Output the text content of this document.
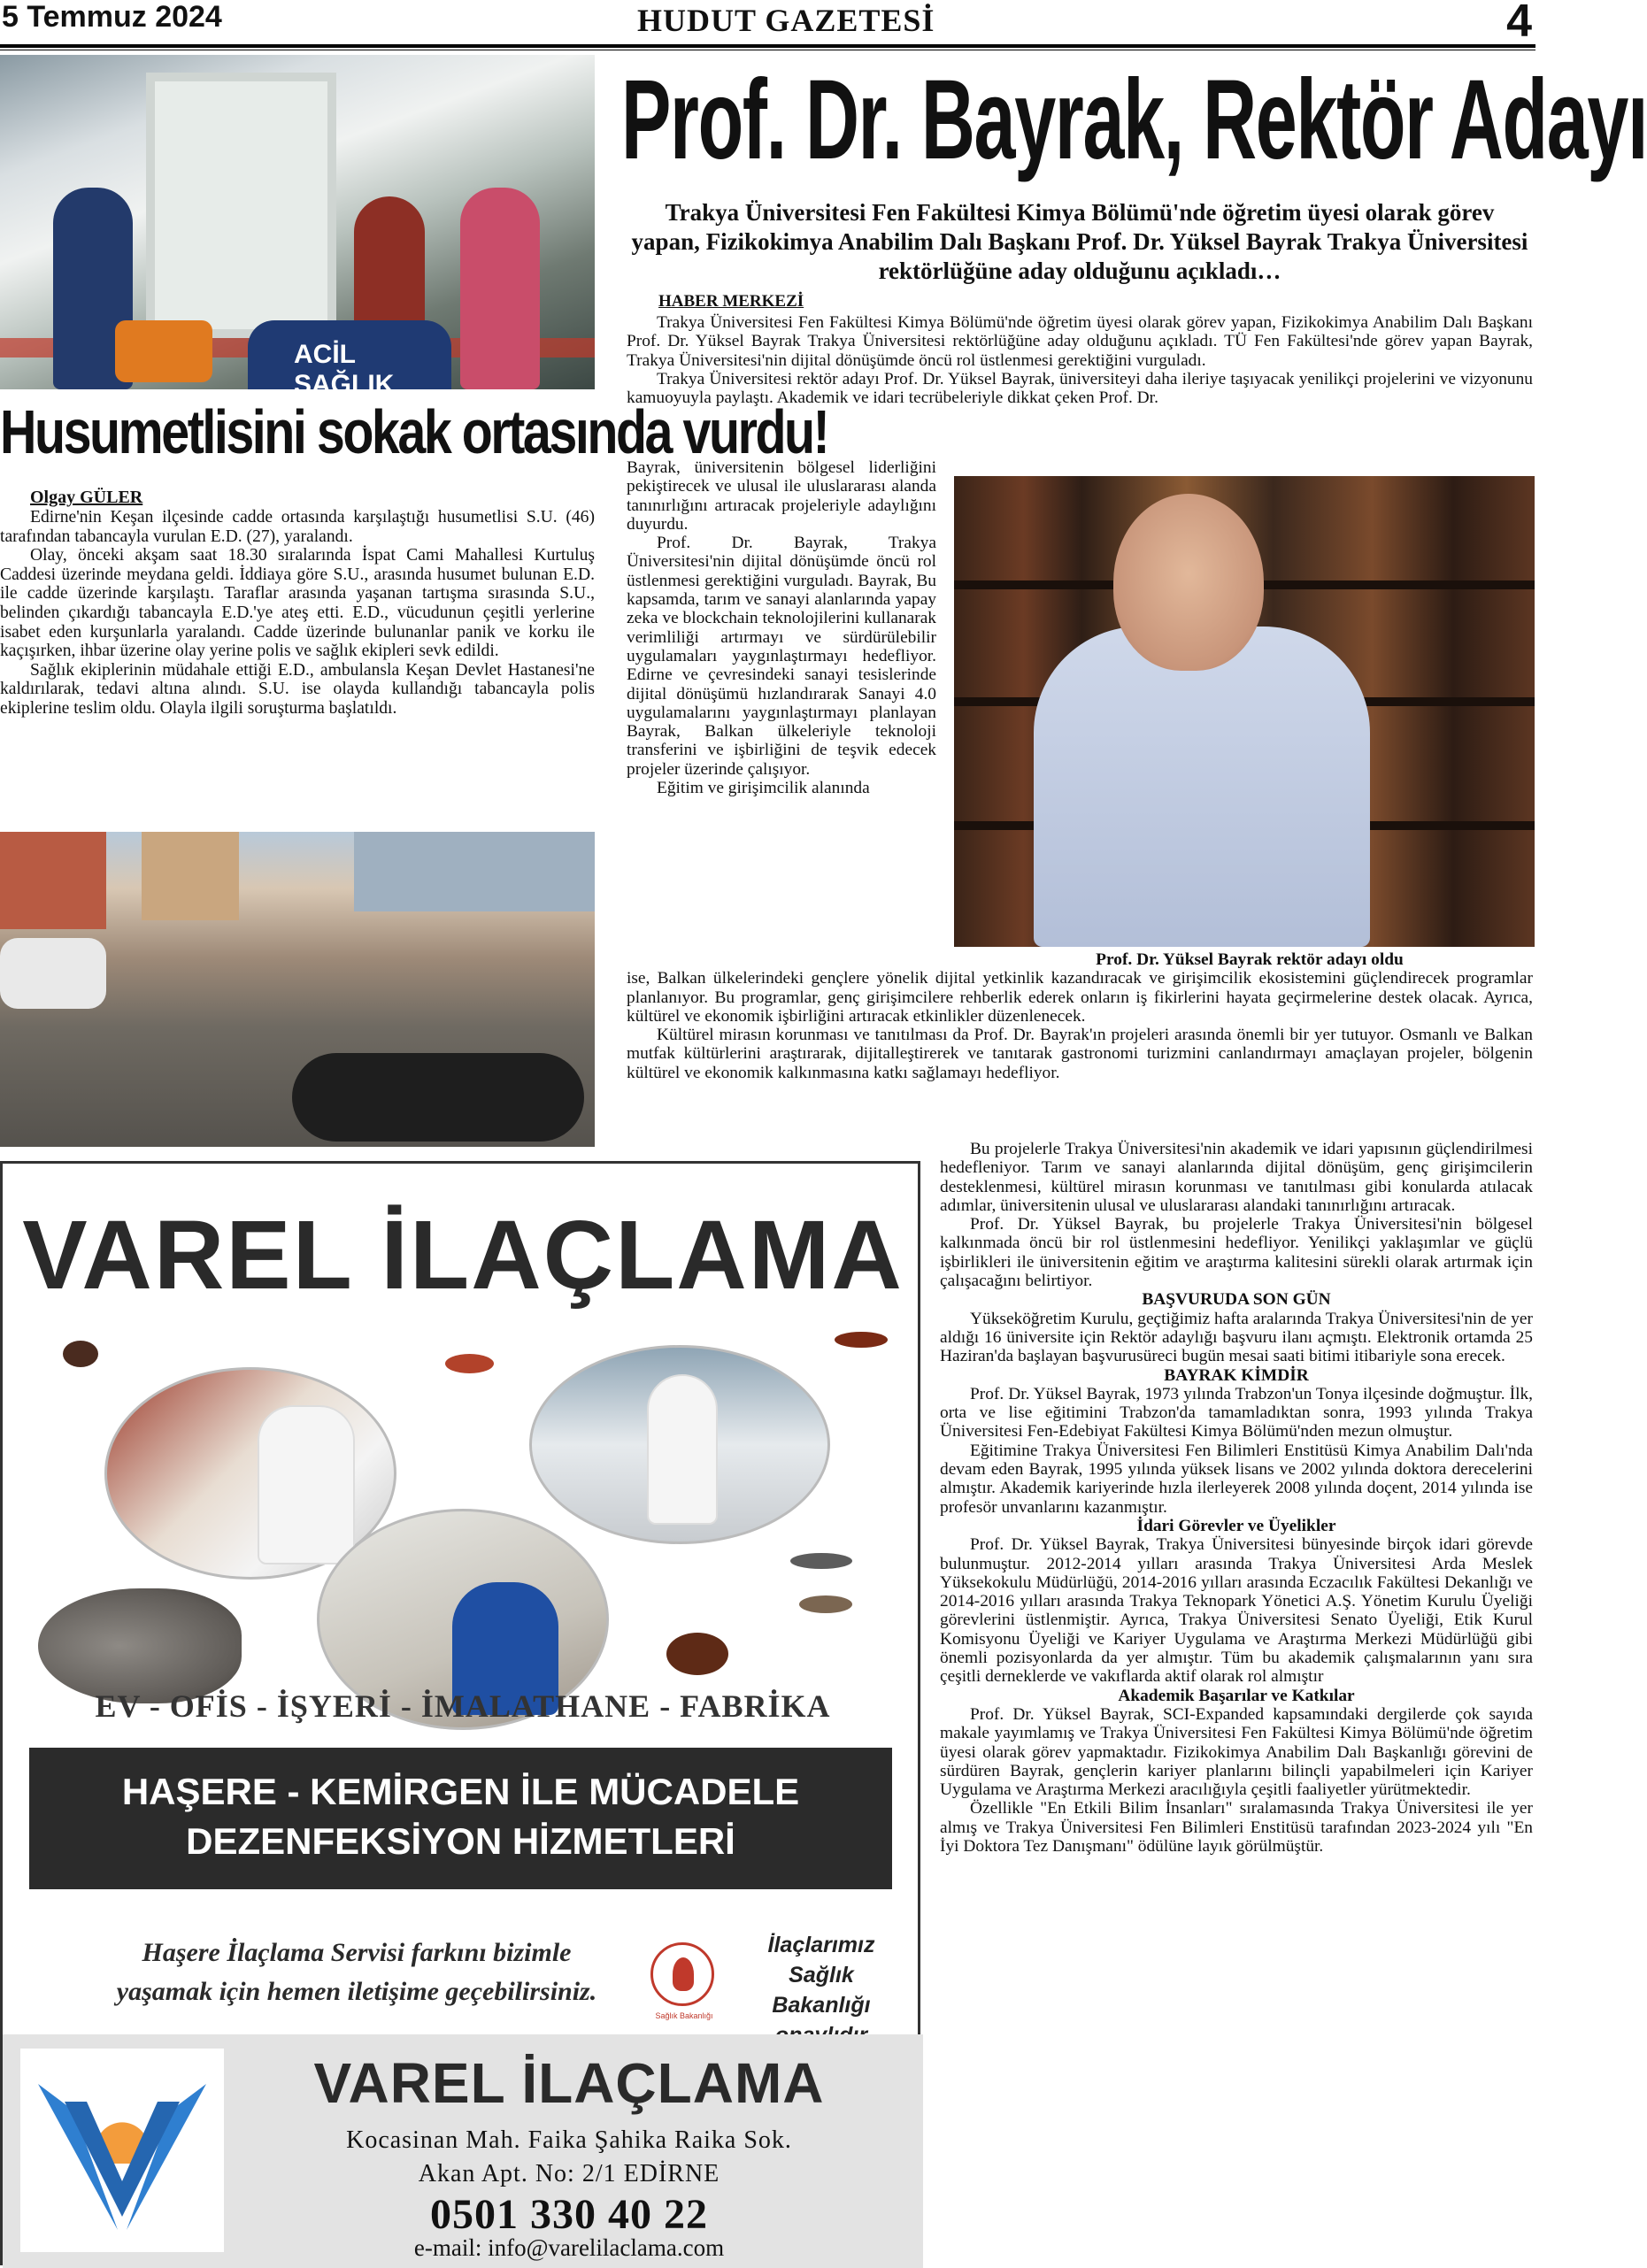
5 Temmuz 2024	HUDUT GAZETESİ	4
ACİL SAĞLIK
Husumetlisini sokak ortasında vurdu!
Olgay GÜLER

Edirne'nin Keşan ilçesinde cadde ortasında karşılaştığı husumetlisi S.U. (46) tarafından tabancayla vurulan E.D. (27), yaralandı.

Olay, önceki akşam saat 18.30 sıralarında İspat Cami Mahallesi Kurtuluş Caddesi üzerinde meydana geldi. İddiaya göre S.U., arasında husumet bulunan E.D. ile cadde üzerinde karşılaştı. Taraflar arasında yaşanan tartışma sırasında S.U., belinden çıkardığı tabancayla E.D.'ye ateş etti. E.D., vücudunun çeşitli yerlerine isabet eden kurşunlarla yaralandı. Cadde üzerinde bulunanlar panik ve korku ile kaçışırken, ihbar üzerine olay yerine polis ve sağlık ekipleri sevk edildi.

Sağlık ekiplerinin müdahale ettiği E.D., ambulansla Keşan Devlet Hastanesi'ne kaldırılarak, tedavi altına alındı. S.U. ise olayda kullandığı tabancayla polis ekiplerine teslim oldu. Olayla ilgili soruşturma başlatıldı.

VAREL İLAÇLAMA
EV - OFİS - İŞYERİ - İMALATHANE - FABRİKA
HAŞERE - KEMİRGEN İLE MÜCADELE
DEZENFEKSİYON HİZMETLERİ
Haşere İlaçlama Servisi farkını bizimle
yaşamak için hemen iletişime geçebilirsiniz.
Sağlık Bakanlığı
İlaçlarımız
Sağlık Bakanlığı
VAREL İLAÇLAMA
Kocasinan Mah. Faika Şahika Raika Sok.
Akan Apt. No: 2/1 EDİRNE
0501 330 40 22
e-mail: info@varelilaclama.com
Prof. Dr. Bayrak, Rektör Adayı
Trakya Üniversitesi Fen Fakültesi Kimya Bölümü'nde öğretim üyesi olarak görev yapan, Fizikokimya Anabilim Dalı Başkanı Prof. Dr. Yüksel Bayrak Trakya Üniversitesi rektörlüğüne aday olduğunu açıkladı…
HABER MERKEZİ

Trakya Üniversitesi Fen Fakültesi Kimya Bölümü'nde öğretim üyesi olarak görev yapan, Fizikokimya Anabilim Dalı Başkanı Prof. Dr. Yüksel Bayrak Trakya Üniversitesi rektörlüğüne aday olduğunu açıkladı. TÜ Fen Fakültesi'nde görev yapan Bayrak, Trakya Üniversitesi'nin dijital dönüşümde öncü rol üstlenmesi gerektiğini vurguladı.

Trakya Üniversitesi rektör adayı Prof. Dr. Yüksel Bayrak, üniversiteyi daha ileriye taşıyacak yenilikçi projelerini ve vizyonunu kamuoyuyla paylaştı. Akademik ve idari tecrübeleriyle dikkat çeken Prof. Dr.

Bayrak, üniversitenin bölgesel liderliğini pekiştirecek ve ulusal ile uluslararası alanda tanınırlığını artıracak projeleriyle adaylığını duyurdu.

Prof. Dr. Bayrak, Trakya Üniversitesi'nin dijital dönüşümde öncü rol üstlenmesi gerektiğini vurguladı. Bayrak, Bu kapsamda, tarım ve sanayi alanlarında yapay zeka ve blockchain teknolojilerini kullanarak verimliliği artırmayı ve sürdürülebilir uygulamaları yaygınlaştırmayı hedefliyor. Edirne ve çevresindeki sanayi tesislerinde dijital dönüşümü hızlandırarak Sanayi 4.0 uygulamalarını yaygınlaştırmayı planlayan Bayrak, Balkan ülkeleriyle teknoloji transferini ve işbirliğini de teşvik edecek projeler üzerinde çalışıyor.

Eğitim ve girişimcilik alanında

Prof. Dr. Yüksel Bayrak rektör adayı oldu

ise, Balkan ülkelerindeki gençlere yönelik dijital yetkinlik kazandıracak ve girişimcilik ekosistemini güçlendirecek programlar planlanıyor. Bu programlar, genç girişimcilere rehberlik ederek onların iş fikirlerini hayata geçirmelerine destek olacak. Ayrıca, kültürel ve ekonomik işbirliğini artıracak etkinlikler düzenlenecek.

Kültürel mirasın korunması ve tanıtılması da Prof. Dr. Bayrak'ın projeleri arasında önemli bir yer tutuyor. Osmanlı ve Balkan mutfak kültürlerini araştırarak, dijitalleştirerek ve tanıtarak gastronomi turizmini canlandırmayı amaçlayan projeler, bölgenin kültürel ve ekonomik kalkınmasına katkı sağlamayı hedefliyor.

Bu projelerle Trakya Üniversitesi'nin akademik ve idari yapısının güçlendirilmesi hedefleniyor. Tarım ve sanayi alanlarında dijital dönüşüm, genç girişimcilerin desteklenmesi, kültürel mirasın korunması ve tanıtılması gibi konularda atılacak adımlar, üniversitenin ulusal ve uluslararası alandaki tanınırlığını artıracak.

Prof. Dr. Yüksel Bayrak, bu projelerle Trakya Üniversitesi'nin bölgesel kalkınmada öncü bir rol üstlenmesini hedefliyor. Yenilikçi yaklaşımlar ve güçlü işbirlikleri ile üniversitenin eğitim ve araştırma kalitesini sürekli olarak artırmak için çalışacağını belirtiyor.

BAŞVURUDA SON GÜN

Yükseköğretim Kurulu, geçtiğimiz hafta aralarında Trakya Üniversitesi'nin de yer aldığı 16 üniversite için Rektör adaylığı başvuru ilanı açmıştı. Elektronik ortamda 25 Haziran'da başlayan başvurusüreci bugün mesai saati bitimi itibariyle sona erecek.

BAYRAK KİMDİR

Prof. Dr. Yüksel Bayrak, 1973 yılında Trabzon'un Tonya ilçesinde doğmuştur. İlk, orta ve lise eğitimini Trabzon'da tamamladıktan sonra, 1993 yılında Trakya Üniversitesi Fen-Edebiyat Fakültesi Kimya Bölümü'nden mezun olmuştur.

Eğitimine Trakya Üniversitesi Fen Bilimleri Enstitüsü Kimya Anabilim Dalı'nda devam eden Bayrak, 1995 yılında yüksek lisans ve 2002 yılında doktora derecelerini almıştır. Akademik kariyerinde hızla ilerleyerek 2008 yılında doçent, 2014 yılında ise profesör unvanlarını kazanmıştır.

İdari Görevler ve Üyelikler

Prof. Dr. Yüksel Bayrak, Trakya Üniversitesi bünyesinde birçok idari görevde bulunmuştur. 2012-2014 yılları arasında Trakya Üniversitesi Arda Meslek Yüksekokulu Müdürlüğü, 2014-2016 yılları arasında Eczacılık Fakültesi Dekanlığı ve 2014-2016 yılları arasında Trakya Teknopark Yönetici A.Ş. Yönetim Kurulu Üyeliği görevlerini üstlenmiştir. Ayrıca, Trakya Üniversitesi Senato Üyeliği, Etik Kurul Komisyonu Üyeliği ve Kariyer Uygulama ve Araştırma Merkezi Müdürlüğü gibi önemli pozisyonlarda da yer almıştır. Tüm bu akademik çalışmalarının yanı sıra çeşitli derneklerde ve vakıflarda aktif olarak rol almıştır

Akademik Başarılar ve Katkılar

Prof. Dr. Yüksel Bayrak, SCI-Expanded kapsamındaki dergilerde çok sayıda makale yayımlamış ve Trakya Üniversitesi Fen Fakültesi Kimya Bölümü'nde öğretim üyesi olarak görev yapmaktadır. Fizikokimya Anabilim Dalı Başkanlığı görevini de sürdüren Bayrak, gençlerin kariyer planlarını bilinçli yapabilmeleri için Kariyer Uygulama ve Araştırma Merkezi aracılığıyla çeşitli faaliyetler yürütmektedir.

Özellikle "En Etkili Bilim İnsanları" sıralamasında Trakya Üniversitesi ile yer almış ve Trakya Üniversitesi Fen Bilimleri Enstitüsü tarafından 2023-2024 yılı "En İyi Doktora Tez Danışmanı" ödülüne layık görülmüştür.
